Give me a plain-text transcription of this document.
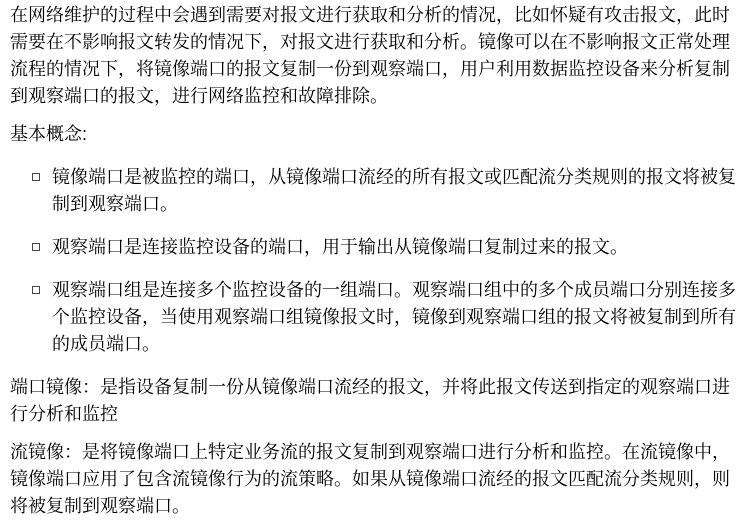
在网络维护的过程中会遇到需要对报文进行获取和分析的情况，比如怀疑有攻击报文，此时需要在不影响报文转发的情况下，对报文进行获取和分析。镜像可以在不影响报文正常处理流程的情况下，将镜像端口的报文复制一份到观察端口，用户利用数据监控设备来分析复制到观察端口的报文，进行网络监控和故障排除。

基本概念:

镜像端口是被监控的端口，从镜像端口流经的所有报文或匹配流分类规则的报文将被复制到观察端口。
观察端口是连接监控设备的端口，用于输出从镜像端口复制过来的报文。
观察端口组是连接多个监控设备的一组端口。观察端口组中的多个成员端口分别连接多个监控设备，当使用观察端口组镜像报文时，镜像到观察端口组的报文将被复制到所有的成员端口。

端口镜像：是指设备复制一份从镜像端口流经的报文，并将此报文传送到指定的观察端口进行分析和监控

流镜像：是将镜像端口上特定业务流的报文复制到观察端口进行分析和监控。在流镜像中，镜像端口应用了包含流镜像行为的流策略。如果从镜像端口流经的报文匹配流分类规则，则将被复制到观察端口。
